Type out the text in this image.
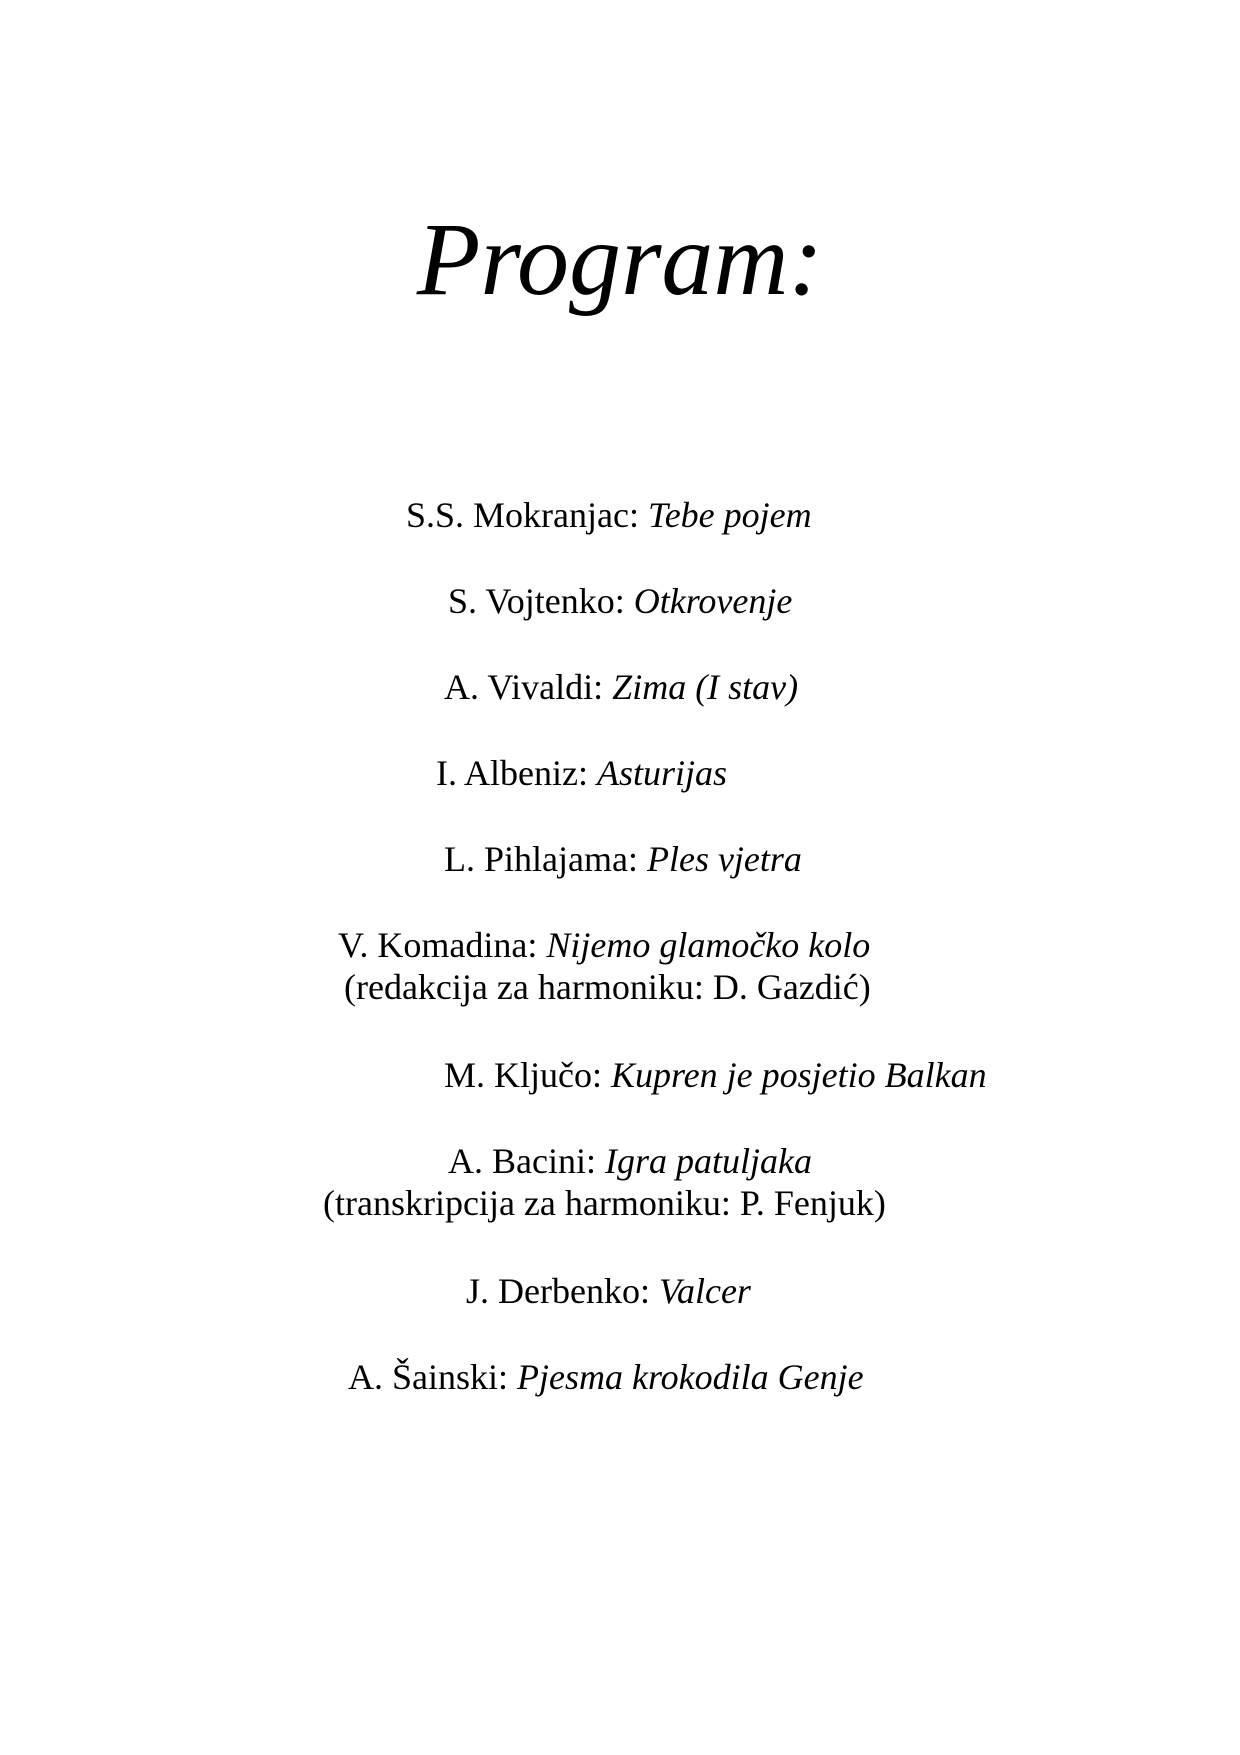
Program:
S.S. Mokranjac: Tebe pojem
S. Vojtenko: Otkrovenje
A. Vivaldi: Zima (I stav)
I. Albeniz: Asturijas
L. Pihlajama: Ples vjetra
V. Komadina: Nijemo glamočko kolo
(redakcija za harmoniku: D. Gazdić)
M. Ključo: Kupren je posjetio Balkan
A. Bacini: Igra patuljaka
(transkripcija za harmoniku: P. Fenjuk)
J. Derbenko: Valcer
A. Šainski: Pjesma krokodila Genje
